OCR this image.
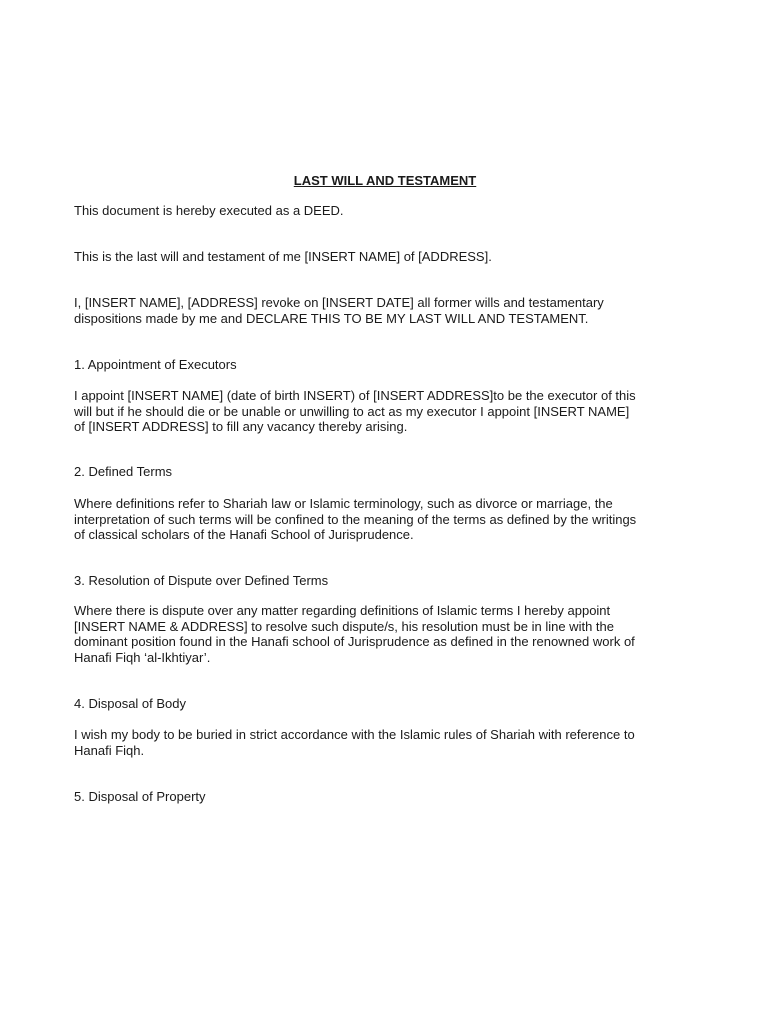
LAST WILL AND TESTAMENT

This document is hereby executed as a DEED.

This is the last will and testament of me [INSERT NAME] of [ADDRESS].

I, [INSERT NAME], [ADDRESS] revoke on [INSERT DATE] all former wills and testamentary
dispositions made by me and DECLARE THIS TO BE MY LAST WILL AND TESTAMENT.

1. Appointment of Executors

I appoint [INSERT NAME] (date of birth INSERT) of [INSERT ADDRESS]to be the executor of this
will but if he should die or be unable or unwilling to act as my executor I appoint [INSERT NAME]
of [INSERT ADDRESS] to fill any vacancy thereby arising.

2. Defined Terms

Where definitions refer to Shariah law or Islamic terminology, such as divorce or marriage, the
interpretation of such terms will be confined to the meaning of the terms as defined by the writings
of classical scholars of the Hanafi School of Jurisprudence.

3. Resolution of Dispute over Defined Terms

Where there is dispute over any matter regarding definitions of Islamic terms I hereby appoint
[INSERT NAME & ADDRESS] to resolve such dispute/s, his resolution must be in line with the
dominant position found in the Hanafi school of Jurisprudence as defined in the renowned work of
Hanafi Fiqh ‘al-Ikhtiyar’.

4. Disposal of Body

I wish my body to be buried in strict accordance with the Islamic rules of Shariah with reference to
Hanafi Fiqh.

5. Disposal of Property
